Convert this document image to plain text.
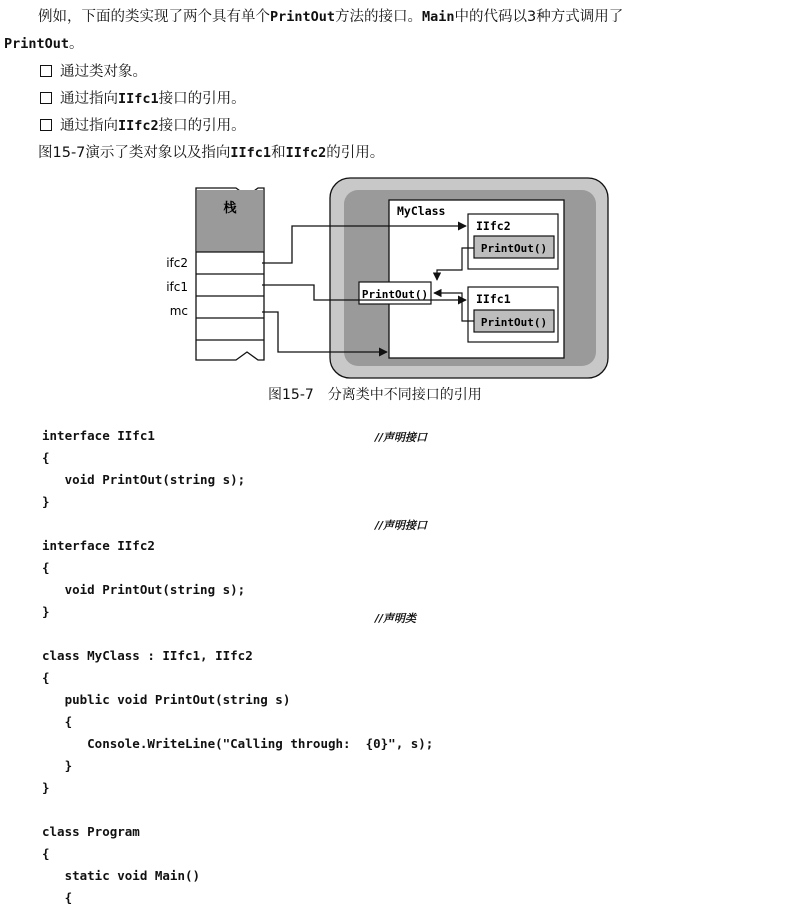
例如，下面的类实现了两个具有单个PrintOut方法的接口。Main中的代码以3种方式调用了
PrintOut。
通过类对象。
通过指向IIfc1接口的引用。
通过指向IIfc2接口的引用。
图15-7演示了类对象以及指向IIfc1和IIfc2的引用。
栈
ifc2
ifc1
mc
MyClass
IIfc2
PrintOut()
IIfc1
PrintOut()
PrintOut()
图15-7　分离类中不同接口的引用
interface IIfc1
{
void PrintOut(string s);
}

interface IIfc2
{
void PrintOut(string s);
}

class MyClass : IIfc1, IIfc2
{
public void PrintOut(string s)
{
Console.WriteLine("Calling through:  {0}", s);
}
}

class Program
{
static void Main()
{
//声明接口
//声明接口
//声明类
